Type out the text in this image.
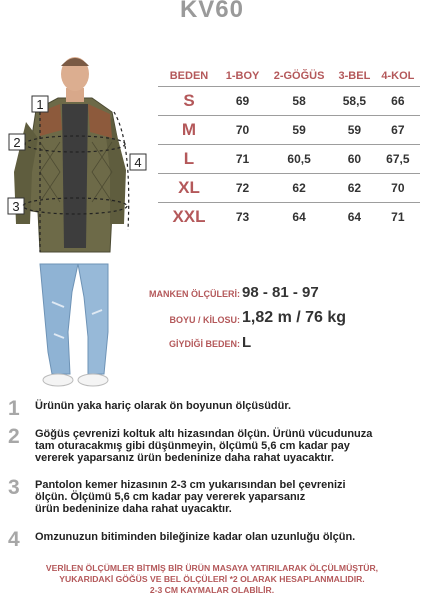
KV60
1
2
3
4
BEDEN	1-BOY	2-GÖĞÜS	3-BEL	4-KOL
S	69	58	58,5	66
M	70	59	59	67
L	71	60,5	60	67,5
XL	72	62	62	70
XXL	73	64	64	71
MANKEN ÖLÇÜLERİ: 98 - 81 - 97
BOYU / KİLOSU: 1,82 m / 76 kg
GİYDİĞİ BEDEN: L
1 Ürünün yaka hariç olarak ön boyunun ölçüsüdür.
2 Göğüs çevrenizi koltuk altı hizasından ölçün. Ürünü vücudunuza
tam oturacakmış gibi düşünmeyin, ölçümü 5,6 cm kadar pay
vererek yaparsanız ürün bedeninize daha rahat uyacaktır.
3 Pantolon kemer hizasının 2-3 cm yukarısından bel çevrenizi
ölçün. Ölçümü 5,6 cm kadar pay vererek yaparsanız
ürün bedeninize daha rahat uyacaktır.
4 Omzunuzun bitiminden bileğinize kadar olan uzunluğu ölçün.
VERİLEN ÖLÇÜMLER BİTMİŞ BİR ÜRÜN MASAYA YATIRILARAK ÖLÇÜLMÜŞTÜR,
YUKARIDAKİ GÖĞÜS VE BEL ÖLÇÜLERİ *2 OLARAK HESAPLANMALIDIR.
2-3 CM KAYMALAR OLABİLİR.
